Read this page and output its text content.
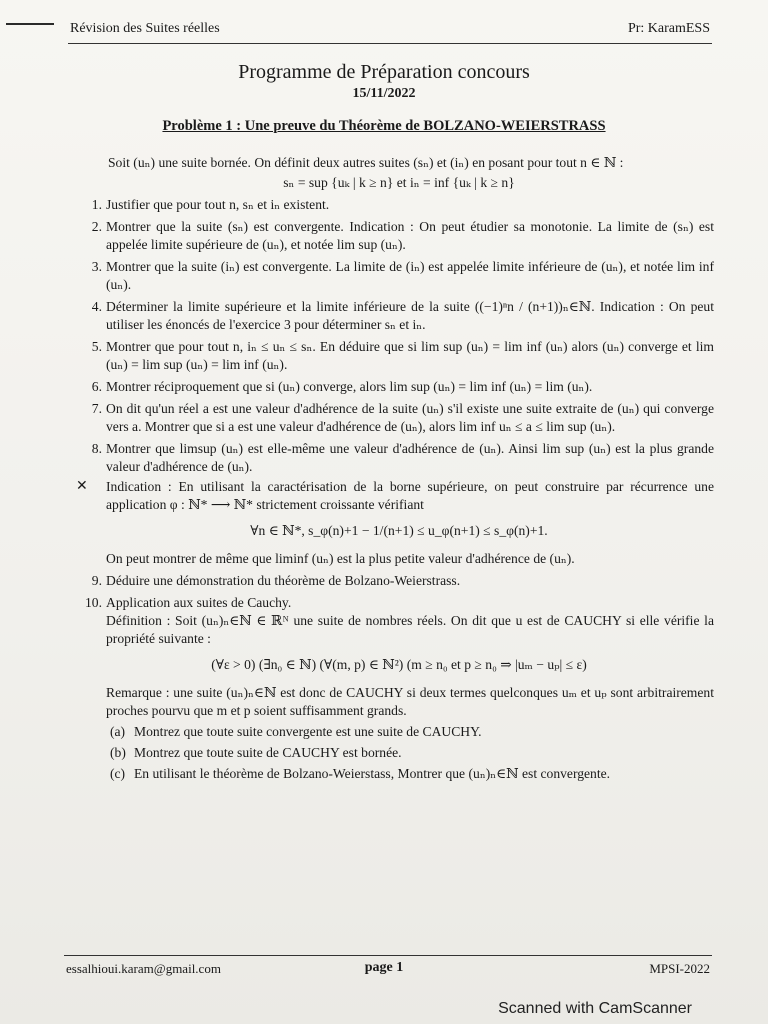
Révision des Suites réelles	Pr: KaramESS
Programme de Préparation concours
15/11/2022
Problème 1 : Une preuve du Théorème de BOLZANO-WEIERSTRASS

Soit (uₙ) une suite bornée. On définit deux autres suites (sₙ) et (iₙ) en posant pour tout n ∈ ℕ :

sₙ = sup {uₖ | k ≥ n} et iₙ = inf {uₖ | k ≥ n}

1. Justifier que pour tout n, sₙ et iₙ existent.
2. Montrer que la suite (sₙ) est convergente. Indication : On peut étudier sa monotonie. La limite de (sₙ) est appelée limite supérieure de (uₙ), et notée lim sup (uₙ).
3. Montrer que la suite (iₙ) est convergente. La limite de (iₙ) est appelée limite inférieure de (uₙ), et notée lim inf (uₙ).
4. Déterminer la limite supérieure et la limite inférieure de la suite ((−1)ⁿn / (n+1))ₙ∈ℕ. Indication : On peut utiliser les énoncés de l'exercice 3 pour déterminer sₙ et iₙ.
5. Montrer que pour tout n, iₙ ≤ uₙ ≤ sₙ. En déduire que si lim sup (uₙ) = lim inf (uₙ) alors (uₙ) converge et lim (uₙ) = lim sup (uₙ) = lim inf (uₙ).
6. Montrer réciproquement que si (uₙ) converge, alors lim sup (uₙ) = lim inf (uₙ) = lim (uₙ).
7. On dit qu'un réel a est une valeur d'adhérence de la suite (uₙ) s'il existe une suite extraite de (uₙ) qui converge vers a. Montrer que si a est une valeur d'adhérence de (uₙ), alors lim inf uₙ ≤ a ≤ lim sup (uₙ).
8. Montrer que limsup (uₙ) est elle-même une valeur d'adhérence de (uₙ). Ainsi lim sup (uₙ) est la plus grande valeur d'adhérence de (uₙ).
✕ Indication : En utilisant la caractérisation de la borne supérieure, on peut construire par récurrence une application φ : ℕ* ⟶ ℕ* strictement croissante vérifiant
∀n ∈ ℕ*, s_φ(n)+1 − 1/(n+1) ≤ u_φ(n+1) ≤ s_φ(n)+1.
On peut montrer de même que liminf (uₙ) est la plus petite valeur d'adhérence de (uₙ).
9. Déduire une démonstration du théorème de Bolzano-Weierstrass.
10. Application aux suites de Cauchy.
Définition : Soit (uₙ)ₙ∈ℕ ∈ ℝᴺ une suite de nombres réels. On dit que u est de CAUCHY si elle vérifie la propriété suivante :
(∀ε > 0) (∃n₀ ∈ ℕ) (∀(m, p) ∈ ℕ²) (m ≥ n₀ et p ≥ n₀ ⇒ |uₘ − uₚ| ≤ ε)
Remarque : une suite (uₙ)ₙ∈ℕ est donc de CAUCHY si deux termes quelconques uₘ et uₚ sont arbitrairement proches pourvu que m et p soient suffisamment grands.
(a) Montrez que toute suite convergente est une suite de CAUCHY.
(b) Montrez que toute suite de CAUCHY est bornée.
(c) En utilisant le théorème de Bolzano-Weierstass, Montrer que (uₙ)ₙ∈ℕ est convergente.
essalhioui.karam@gmail.com	page 1	MPSI-2022
Scanned with CamScanner
